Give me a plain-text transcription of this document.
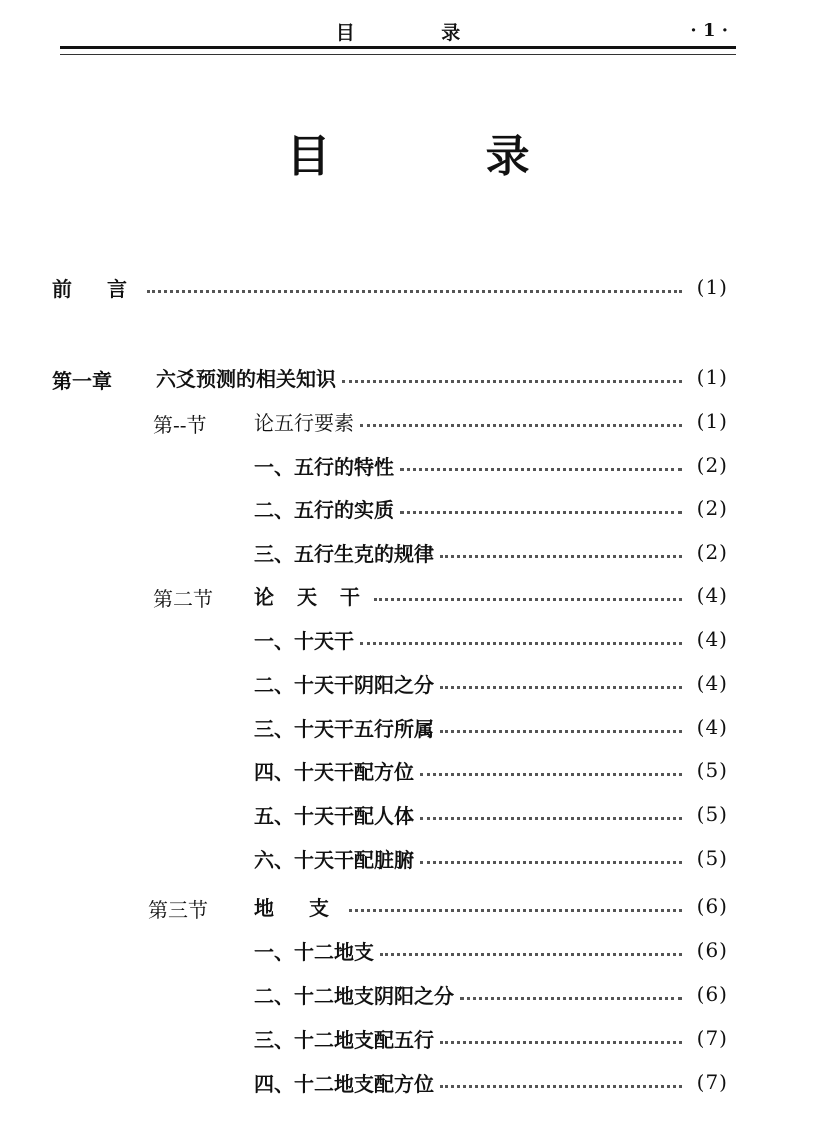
目 录	· 1 ·
目 录
前 言	(1)
第一章 六爻预测的相关知识	(1)
第--节 论五行要素	(1)
一、五行的特性	(2)
二、五行的实质	(2)
三、五行生克的规律	(2)
第二节 论 天 干	(4)
一、十天干	(4)
二、十天干阴阳之分	(4)
三、十天干五行所属	(4)
四、十天干配方位	(5)
五、十天干配人体	(5)
六、十天干配脏腑	(5)
第三节 地 支	(6)
一、十二地支	(6)
二、十二地支阴阳之分	(6)
三、十二地支配五行	(7)
四、十二地支配方位	(7)
